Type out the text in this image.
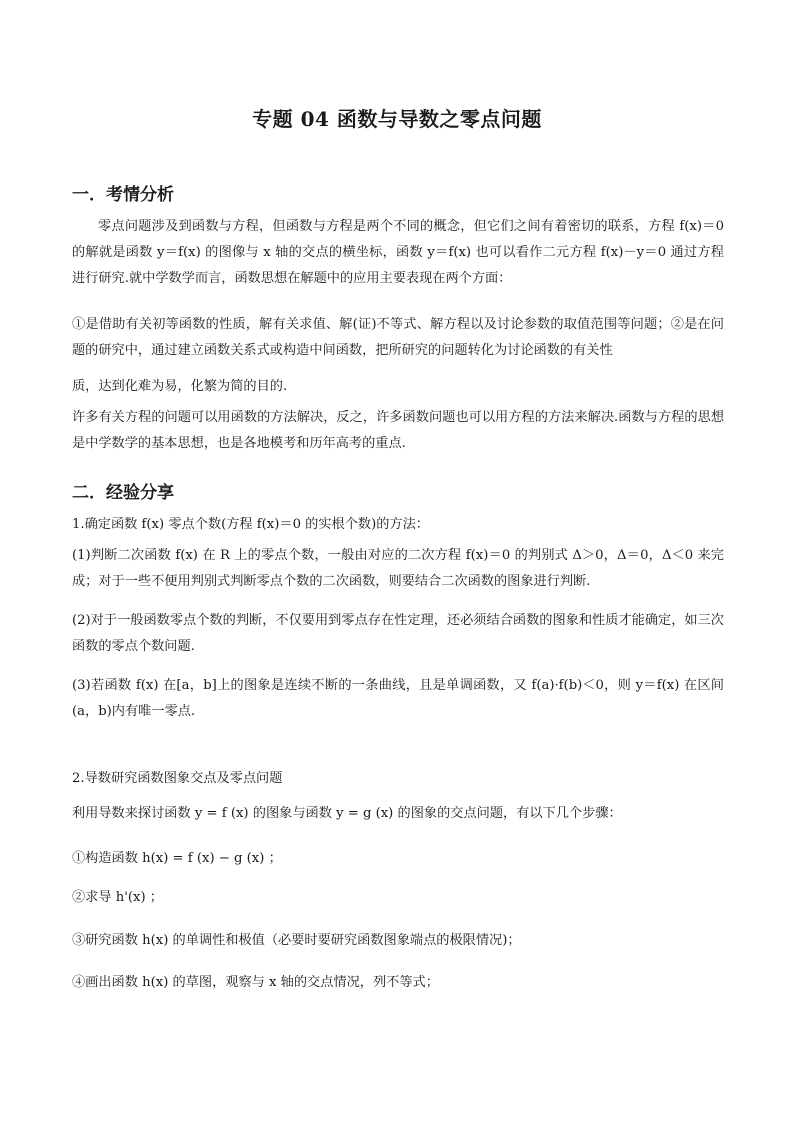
专题 04 函数与导数之零点问题
一．考情分析
零点问题涉及到函数与方程，但函数与方程是两个不同的概念，但它们之间有着密切的联系，方程 f(x)＝0 的解就是函数 y＝f(x) 的图像与 x 轴的交点的横坐标，函数 y＝f(x) 也可以看作二元方程 f(x)－y＝0 通过方程进行研究.就中学数学而言，函数思想在解题中的应用主要表现在两个方面：
①是借助有关初等函数的性质，解有关求值、解(证)不等式、解方程以及讨论参数的取值范围等问题；②是在问题的研究中，通过建立函数关系式或构造中间函数，把所研究的问题转化为讨论函数的有关性
质，达到化难为易，化繁为简的目的.
许多有关方程的问题可以用函数的方法解决，反之，许多函数问题也可以用方程的方法来解决.函数与方程的思想是中学数学的基本思想，也是各地模考和历年高考的重点.
二．经验分享
1.确定函数 f(x) 零点个数(方程 f(x)＝0 的实根个数)的方法：
(1)判断二次函数 f(x) 在 R 上的零点个数，一般由对应的二次方程 f(x)＝0 的判别式 Δ＞0，Δ＝0，Δ＜0 来完成；对于一些不便用判别式判断零点个数的二次函数，则要结合二次函数的图象进行判断.
(2)对于一般函数零点个数的判断，不仅要用到零点存在性定理，还必须结合函数的图象和性质才能确定，如三次函数的零点个数问题.
(3)若函数 f(x) 在[a，b]上的图象是连续不断的一条曲线，且是单调函数，又 f(a)·f(b)＜0，则 y＝f(x) 在区间(a，b)内有唯一零点.
2.导数研究函数图象交点及零点问题
利用导数来探讨函数 y = f (x) 的图象与函数 y = g (x) 的图象的交点问题，有以下几个步骤：
①构造函数 h(x) = f (x) − g (x) ；
②求导 h'(x) ；
③研究函数 h(x) 的单调性和极值（必要时要研究函数图象端点的极限情况)；
④画出函数 h(x) 的草图，观察与 x 轴的交点情况，列不等式；
